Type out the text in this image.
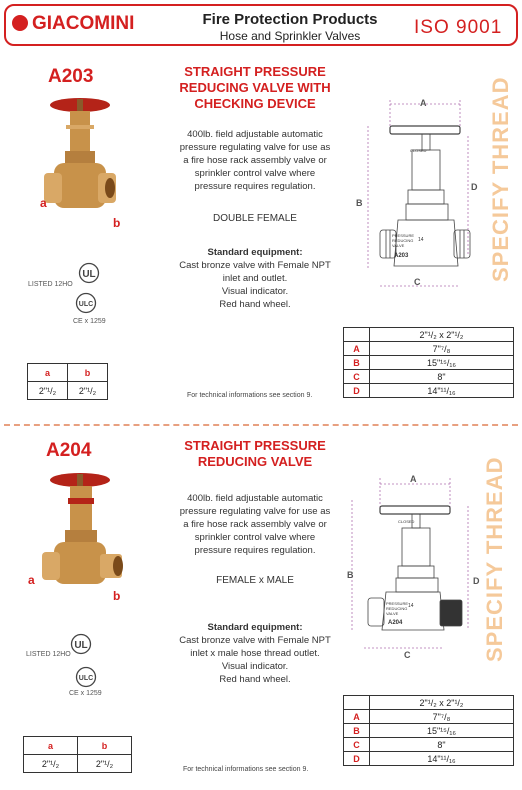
GIACOMINI	Fire Protection Products
Hose and Sprinkler Valves	ISO 9001
A203
a
b
UL
LISTED 12HO
ULC
CE x 1259
a	b
2"¹/₂	2"¹/₂
STRAIGHT PRESSURE
REDUCING VALVE WITH
CHECKING DEVICE
400lb. field adjustable automatic
pressure regulating valve for use as
a fire hose rack assembly valve or
sprinkler control valve where
pressure requires regulation.
DOUBLE FEMALE
Standard equipment:
Cast bronze valve with Female NPT
inlet and outlet.
Visual indicator.
Red hand wheel.
For technical informations see section 9.
A
B
C
D
CLOSED
PRESSURE
REDUCING
VALVE
14
A203	SPECIFY THREAD
	2"¹/₂ x 2"¹/₂
A	7"⁷/₈
B	15"¹⁵/₁₆
C	8"
D	14"¹¹/₁₆
A204
a
b
UL
LISTED 12HO
ULC
CE x 1259
a	b
2"¹/₂	2"¹/₂
STRAIGHT PRESSURE
REDUCING VALVE
400lb. field adjustable automatic
pressure regulating valve for use as
a fire hose rack assembly valve or
sprinkler control valve where
pressure requires regulation.
FEMALE x MALE
Standard equipment:
Cast bronze valve with Female NPT
inlet x male hose thread outlet.
Visual indicator.
Red hand wheel.
For technical informations see section 9.
A
B
C
D
CLOSED
PRESSURE
REDUCING
VALVE
14
A204	SPECIFY THREAD
	2"¹/₂ x 2"¹/₂
A	7"⁷/₈
B	15"¹⁵/₁₆
C	8"
D	14"¹¹/₁₆
